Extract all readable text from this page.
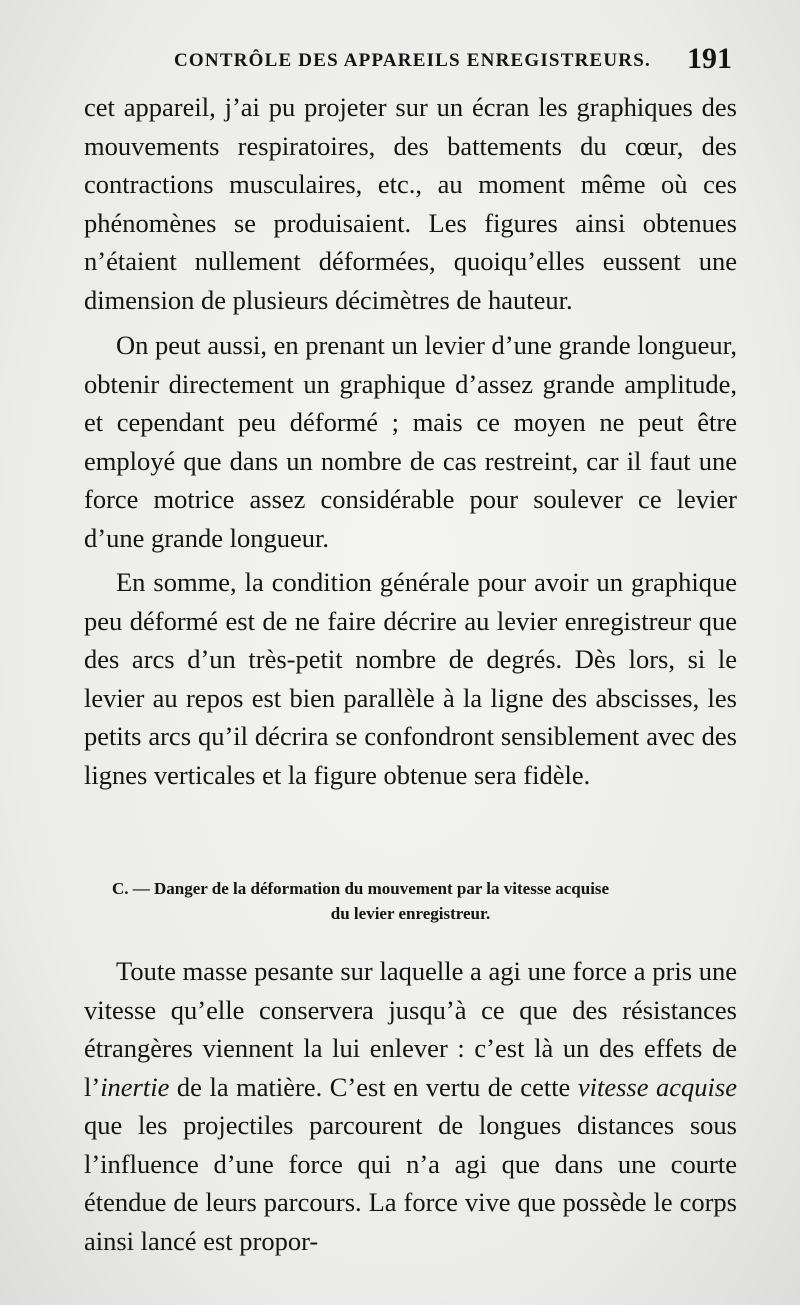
CONTRÔLE DES APPAREILS ENREGISTREURS. 191

cet appareil, j’ai pu projeter sur un écran les graphiques des mouvements respiratoires, des battements du cœur, des contractions musculaires, etc., au moment même où ces phénomènes se produisaient. Les figures ainsi obtenues n’étaient nullement déformées, quoiqu’elles eussent une dimension de plusieurs décimètres de hauteur.

On peut aussi, en prenant un levier d’une grande longueur, obtenir directement un graphique d’assez grande amplitude, et cependant peu déformé ; mais ce moyen ne peut être employé que dans un nombre de cas restreint, car il faut une force motrice assez considérable pour soulever ce levier d’une grande longueur.

En somme, la condition générale pour avoir un graphique peu déformé est de ne faire décrire au levier enregistreur que des arcs d’un très-petit nombre de degrés. Dès lors, si le levier au repos est bien parallèle à la ligne des abscisses, les petits arcs qu’il décrira se confondront sensiblement avec des lignes verticales et la figure obtenue sera fidèle.

C. — Danger de la déformation du mouvement par la vitesse acquise
du levier enregistreur.

Toute masse pesante sur laquelle a agi une force a pris une vitesse qu’elle conservera jusqu’à ce que des résistances étrangères viennent la lui enlever : c’est là un des effets de l’inertie de la matière. C’est en vertu de cette vitesse acquise que les projectiles parcourent de longues distances sous l’influence d’une force qui n’a agi que dans une courte étendue de leurs parcours. La force vive que possède le corps ainsi lancé est propor-
